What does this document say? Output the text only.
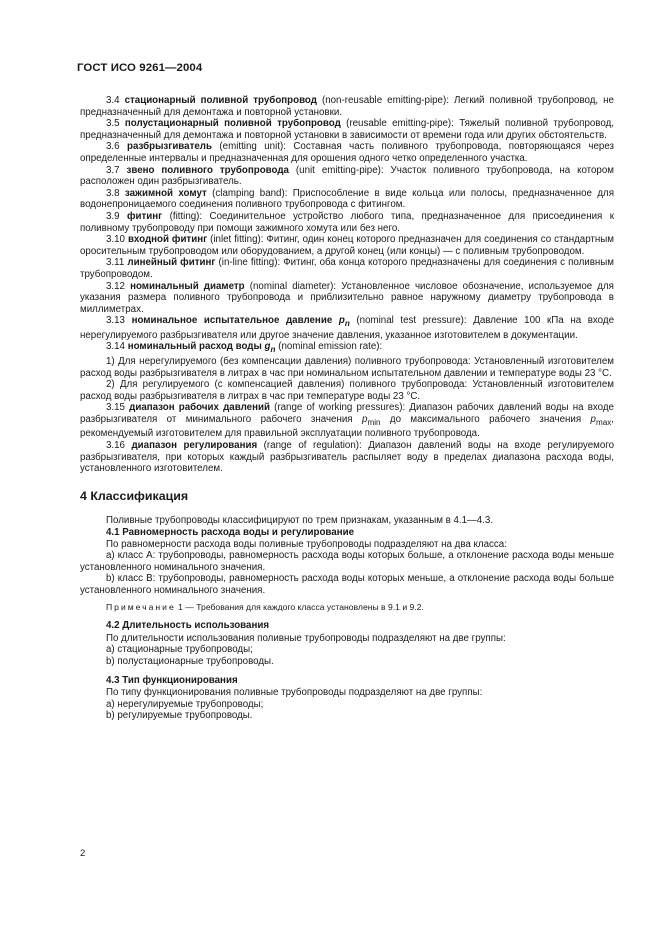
ГОСТ ИСО 9261—2004

3.4 стационарный поливной трубопровод (non-reusable emitting-pipe): Легкий поливной трубопровод, не предназначенный для демонтажа и повторной установки.

3.5 полустационарный поливной трубопровод (reusable emitting-pipe): Тяжелый поливной трубопровод, предназначенный для демонтажа и повторной установки в зависимости от времени года или других обстоятельств.

3.6 разбрызгиватель (emitting unit): Составная часть поливного трубопровода, повторяющаяся через определенные интервалы и предназначенная для орошения одного четко определенного участка.

3.7 звено поливного трубопровода (unit emitting-pipe): Участок поливного трубопровода, на котором расположен один разбрызгиватель.

3.8 зажимной хомут (clamping band): Приспособление в виде кольца или полосы, предназначенное для водонепроницаемого соединения поливного трубопровода с фитингом.

3.9 фитинг (fitting): Соединительное устройство любого типа, предназначенное для присоединения к поливному трубопроводу при помощи зажимного хомута или без него.

3.10 входной фитинг (inlet fitting): Фитинг, один конец которого предназначен для соединения со стандартным оросительным трубопроводом или оборудованием, а другой конец (или концы) — с поливным трубопроводом.

3.11 линейный фитинг (in-line fitting): Фитинг, оба конца которого предназначены для соединения с поливным трубопроводом.

3.12 номинальный диаметр (nominal diameter): Установленное числовое обозначение, используемое для указания размера поливного трубопровода и приблизительно равное наружному диаметру трубопровода в миллиметрах.

3.13 номинальное испытательное давление $p_n$ (nominal test pressure): Давление 100 кПа на входе нерегулируемого разбрызгивателя или другое значение давления, указанное изготовителем в документации.

3.14 номинальный расход воды $g_n$ (nominal emission rate):

1) Для нерегулируемого (без компенсации давления) поливного трубопровода: Установленный изготовителем расход воды разбрызгивателя в литрах в час при номинальном испытательном давлении и температуре воды 23 °С.

2) Для регулируемого (с компенсацией давления) поливного трубопровода: Установленный изготовителем расход воды разбрызгивателя в литрах в час при температуре воды 23 °С.

3.15 диапазон рабочих давлений (range of working pressures): Диапазон рабочих давлений воды на входе разбрызгивателя от минимального рабочего значения $p_{min}$ до максимального рабочего значения $p_{max}$, рекомендуемый изготовителем для правильной эксплуатации поливного трубопровода.

3.16 диапазон регулирования (range of regulation): Диапазон давлений воды на входе регулируемого разбрызгивателя, при которых каждый разбрызгиватель распыляет воду в пределах диапазона расхода воды, установленного изготовителем.

4 Классификация

Поливные трубопроводы классифицируют по трем признакам, указанным в 4.1—4.3.

4.1 Равномерность расхода воды и регулирование

По равномерности расхода воды поливные трубопроводы подразделяют на два класса:

a) класс A: трубопроводы, равномерность расхода воды которых больше, а отклонение расхода воды меньше установленного номинального значения.

b) класс B: трубопроводы, равномерность расхода воды которых меньше, а отклонение расхода воды больше установленного номинального значения.

Примечание 1 — Требования для каждого класса установлены в 9.1 и 9.2.

4.2 Длительность использования

По длительности использования поливные трубопроводы подразделяют на две группы:

a) стационарные трубопроводы;

b) полустационарные трубопроводы.

4.3 Тип функционирования

По типу функционирования поливные трубопроводы подразделяют на две группы:

a) нерегулируемые трубопроводы;

b) регулируемые трубопроводы.

2
